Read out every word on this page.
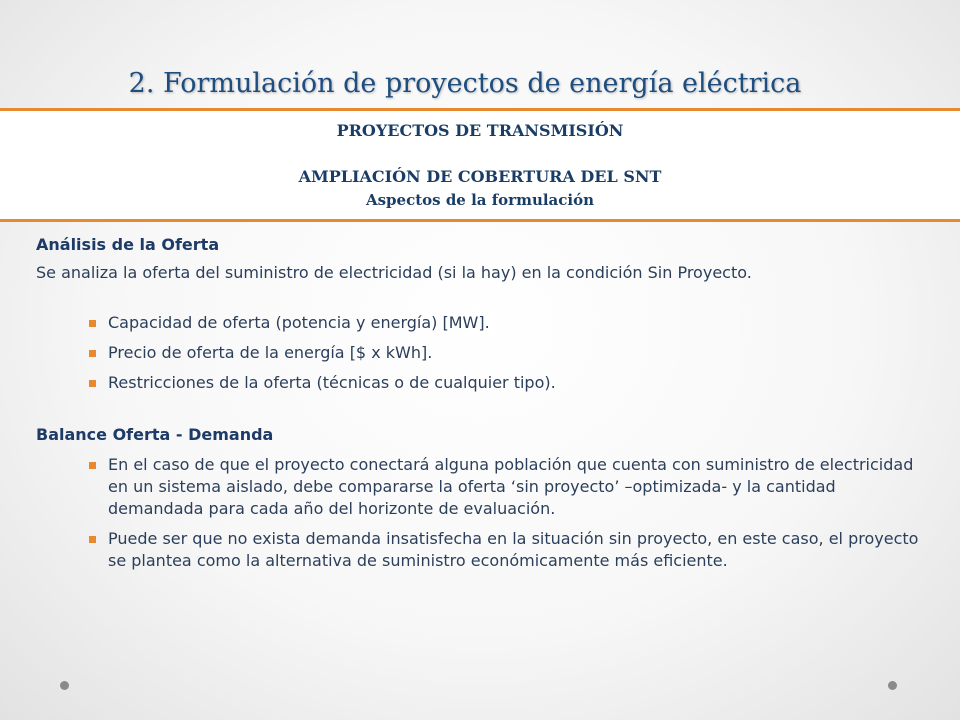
2. Formulación de proyectos de energía eléctrica
PROYECTOS DE TRANSMISIÓN
AMPLIACIÓN DE COBERTURA DEL SNT
Aspectos de la formulación
Análisis de la Oferta

Se analiza la oferta del suministro de electricidad (si la hay) en la condición Sin Proyecto.

Capacidad de oferta (potencia y energía) [MW].
Precio de oferta de la energía [$ x kWh].
Restricciones de la oferta (técnicas o de cualquier tipo).
Balance Oferta - Demanda
En el caso de que el proyecto conectará alguna población que cuenta con suministro de electricidad en un sistema aislado, debe compararse la oferta ‘sin proyecto’ –optimizada- y la cantidad demandada para cada año del horizonte de evaluación.
Puede ser que no exista demanda insatisfecha en la situación sin proyecto, en este caso, el proyecto se plantea como la alternativa de suministro económicamente más eficiente.
